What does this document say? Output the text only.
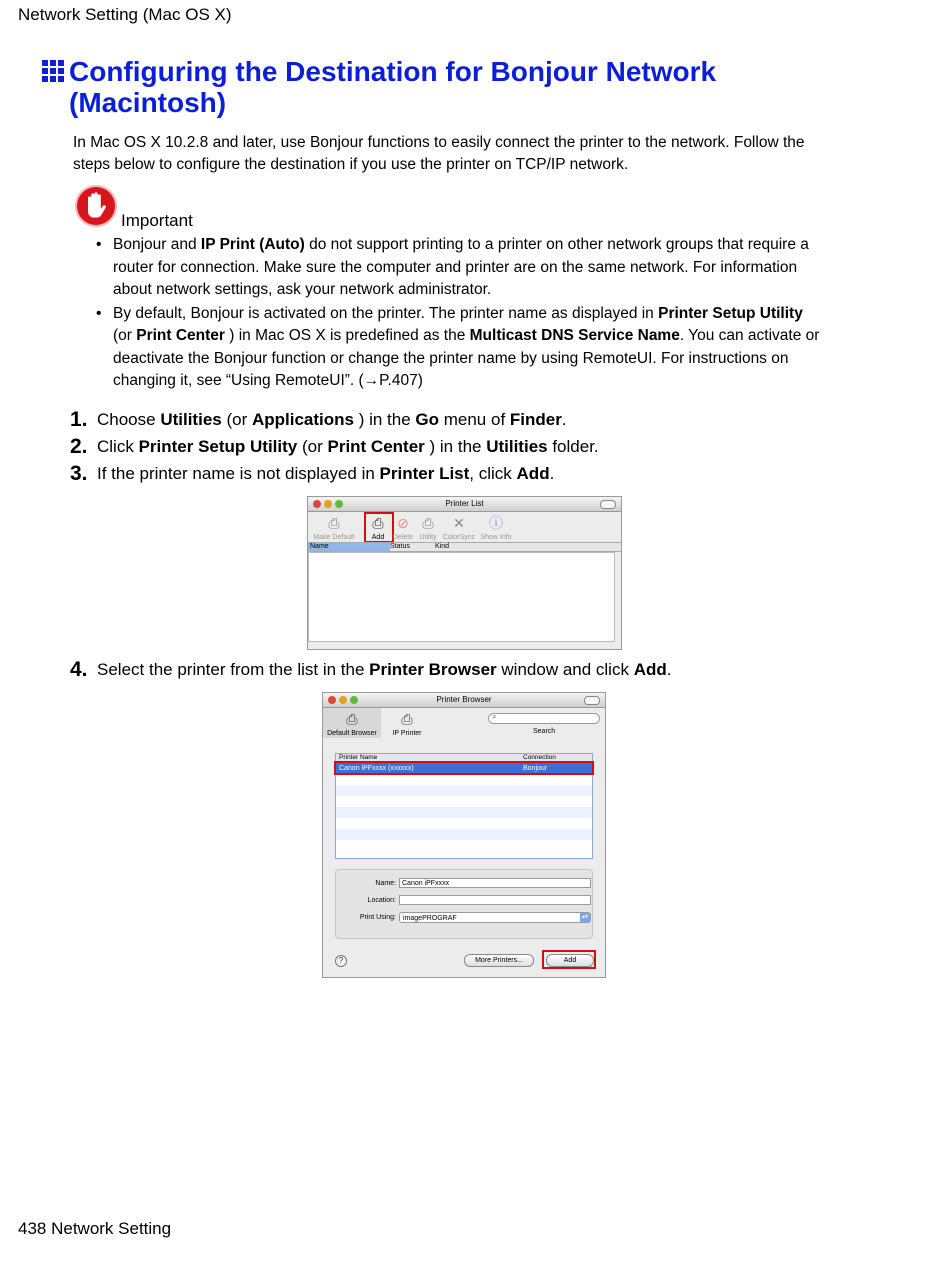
Network Setting (Mac OS X)
Configuring the Destination for Bonjour Network (Macintosh)
In Mac OS X 10.2.8 and later, use Bonjour functions to easily connect the printer to the network. Follow the steps below to configure the destination if you use the printer on TCP/IP network.
Important
• Bonjour and IP Print (Auto) do not support printing to a printer on other network groups that require a router for connection. Make sure the computer and printer are on the same network. For information about network settings, ask your network administrator.
• By default, Bonjour is activated on the printer. The printer name as displayed in Printer Setup Utility (or Print Center ) in Mac OS X is predefined as the Multicast DNS Service Name. You can activate or deactivate the Bonjour function or change the printer name by using RemoteUI. For instructions on changing it, see “Using RemoteUI”. (→P.407)
1. Choose Utilities (or Applications ) in the Go menu of Finder.
2. Click Printer Setup Utility (or Print Center ) in the Utilities folder.
3. If the printer name is not displayed in Printer List, click Add.
Printer List
⎙
Make Default
⎙
Add
⊘
Delete
⎙
Utility
✕
ColorSync
ⓘ
Show Info
Name	Status	Kind
4. Select the printer from the list in the Printer Browser window and click Add.
Printer Browser
⎙
Default Browser
⎙
IP Printer
⌕
Search
Printer Name	Connection
Canon iPFxxxx (xxxxxx)	Bonjour
Name: Canon iPFxxxx
Location:
Print Using:	imagePROGRAF	▴▾
?	More Printers...	Add
438 Network Setting
